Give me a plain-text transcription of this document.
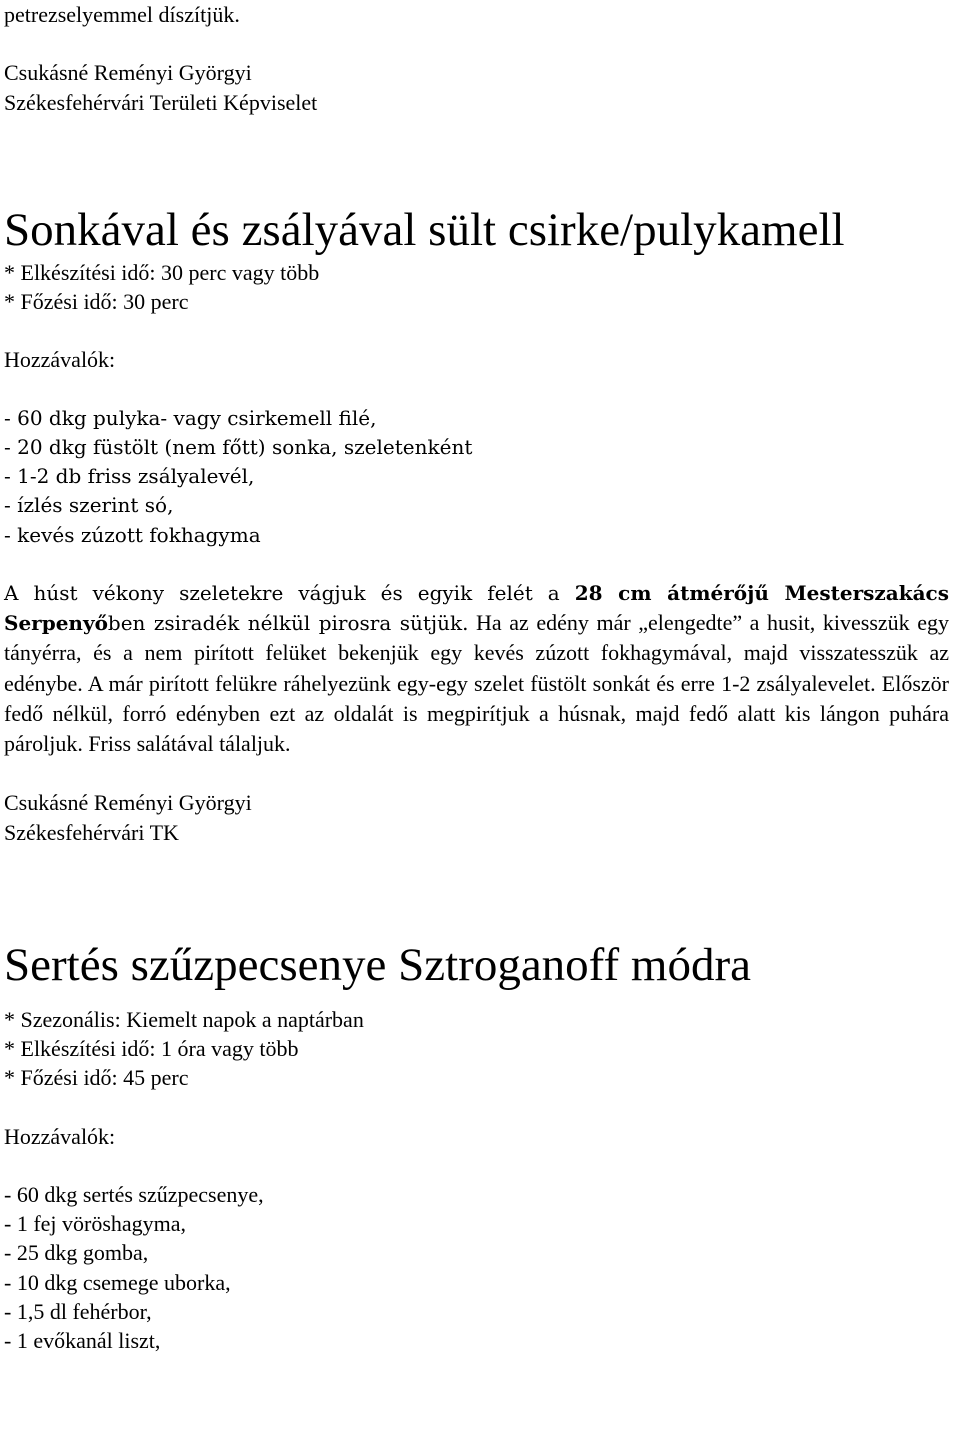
petrezselyemmel díszítjük.
Csukásné Reményi Györgyi
Székesfehérvári Területi Képviselet
Sonkával és zsályával sült csirke/pulykamell
* Elkészítési idő: 30 perc vagy több
* Főzési idő: 30 perc
Hozzávalók:
- 60 dkg pulyka- vagy csirkemell filé,
- 20 dkg füstölt (nem főtt) sonka, szeletenként
- 1-2 db friss zsályalevél,
- ízlés szerint só,
- kevés zúzott fokhagyma

A húst vékony szeletekre vágjuk és egyik felét a 28 cm átmérőjű Mesterszakács Serpenyőben zsiradék nélkül pirosra sütjük. Ha az edény már „elengedte” a husit, kivesszük egy tányérra, és a nem pirított felüket bekenjük egy kevés zúzott fokhagymával, majd visszatesszük az edénybe. A már pirított felükre ráhelyezünk egy-egy szelet füstölt sonkát és erre 1-2 zsályalevelet. Először fedő nélkül, forró edényben ezt az oldalát is megpirítjuk a húsnak, majd fedő alatt kis lángon puhára pároljuk. Friss salátával tálaljuk.

Csukásné Reményi Györgyi
Székesfehérvári TK
Sertés szűzpecsenye Sztroganoff módra
* Szezonális: Kiemelt napok a naptárban
* Elkészítési idő: 1 óra vagy több
* Főzési idő: 45 perc
Hozzávalók:
- 60 dkg sertés szűzpecsenye,
- 1 fej vöröshagyma,
- 25 dkg gomba,
- 10 dkg csemege uborka,
- 1,5 dl fehérbor,
- 1 evőkanál liszt,
